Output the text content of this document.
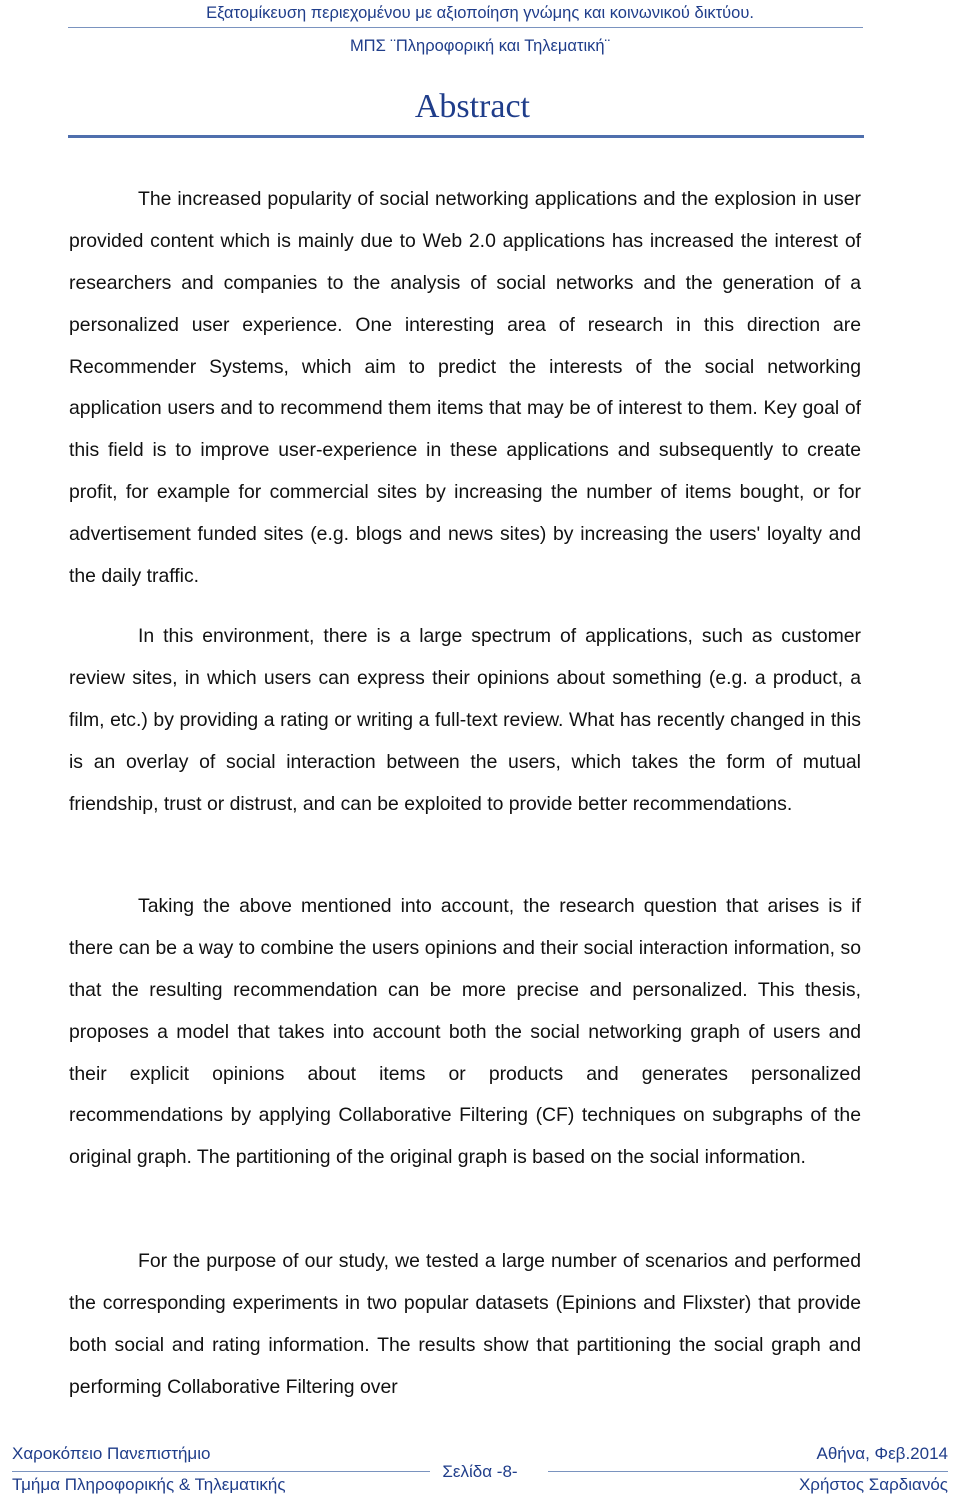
Εξατομίκευση περιεχομένου με αξιοποίηση γνώμης και κοινωνικού δικτύου.
ΜΠΣ ¨Πληροφορική και Τηλεματική¨
Abstract

The increased popularity of social networking applications and the explosion in user provided content which is mainly due to Web 2.0 applications has increased the interest of researchers and companies to the analysis of social networks and the generation of a personalized user experience. One interesting area of research in this direction are Recommender Systems, which aim to predict the interests of the social networking application users and to recommend them items that may be of interest to them. Key goal of this field is to improve user-experience in these applications and subsequently to create profit, for example for commercial sites by increasing the number of items bought, or for advertisement funded sites (e.g. blogs and news sites) by increasing the users' loyalty and the daily traffic.

In this environment, there is a large spectrum of applications, such as customer review sites, in which users can express their opinions about something (e.g. a product, a film, etc.) by providing a rating or writing a full-text review. What has recently changed in this is an overlay of social interaction between the users, which takes the form of mutual friendship, trust or distrust, and can be exploited to provide better recommendations.

Taking the above mentioned into account, the research question that arises is if there can be a way to combine the users opinions and their social interaction information, so that the resulting recommendation can be more precise and personalized. This thesis, proposes a model that takes into account both the social networking graph of users and their explicit opinions about items or products and generates personalized recommendations by applying Collaborative Filtering (CF) techniques on subgraphs of the original graph. The partitioning of the original graph is based on the social information.

For the purpose of our study, we tested a large number of scenarios and performed the corresponding experiments in two popular datasets (Epinions and Flixster) that provide both social and rating information. The results show that partitioning the social graph and performing Collaborative Filtering over

Χαροκόπειο Πανεπιστήμιο
Τμήμα Πληροφορικής & Τηλεματικής
Σελίδα -8-
Αθήνα, Φεβ.2014
Χρήστος Σαρδιανός
